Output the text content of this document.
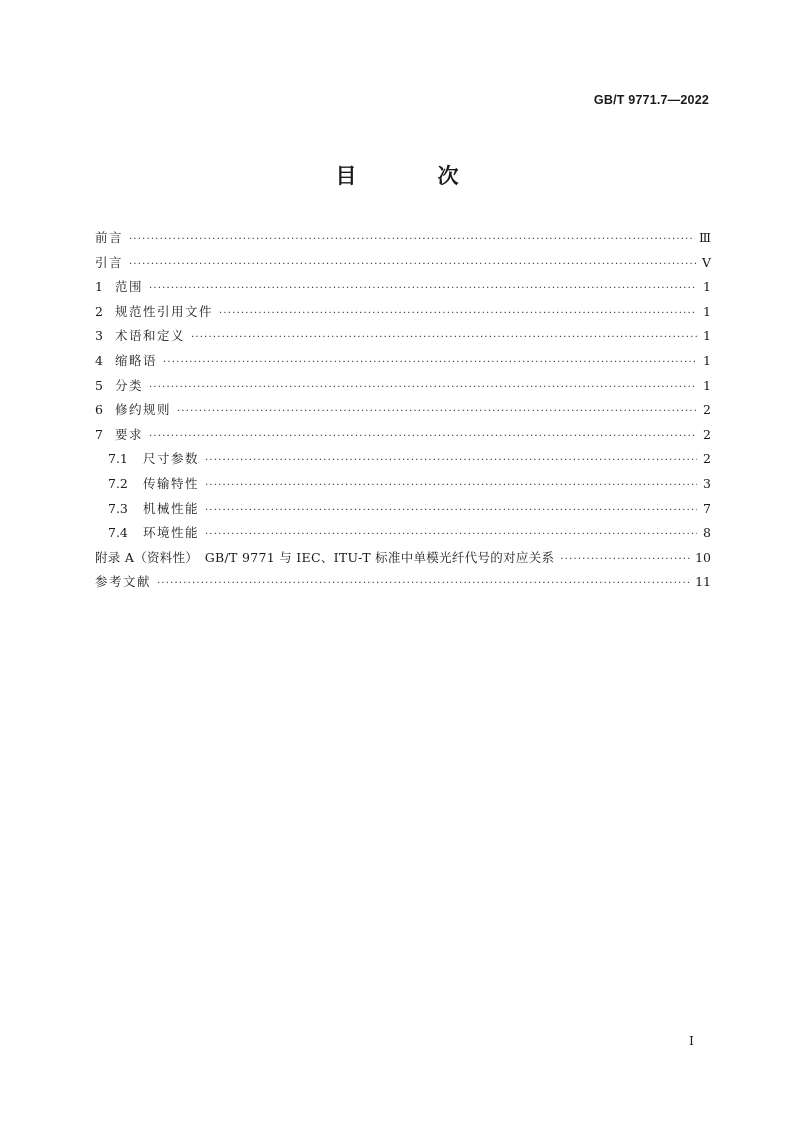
GB/T 9771.7—2022
目　次
前言 ·····	Ⅲ
引言 ·····	Ⅴ
1 范围 ·····	1
2 规范性引用文件 ·····	1
3 术语和定义 ·····	1
4 缩略语 ·····	1
5 分类 ·····	1
6 修约规则 ·····	2
7 要求 ·····	2
7.1	尺寸参数 ·····	2
7.2	传输特性 ·····	3
7.3	机械性能 ·····	7
7.4	环境性能 ·····	8
附录 A（资料性）　GB/T 9771 与 IEC、ITU-T 标准中单模光纤代号的对应关系 ·····	10
参考文献 ·····	11
Ⅰ
